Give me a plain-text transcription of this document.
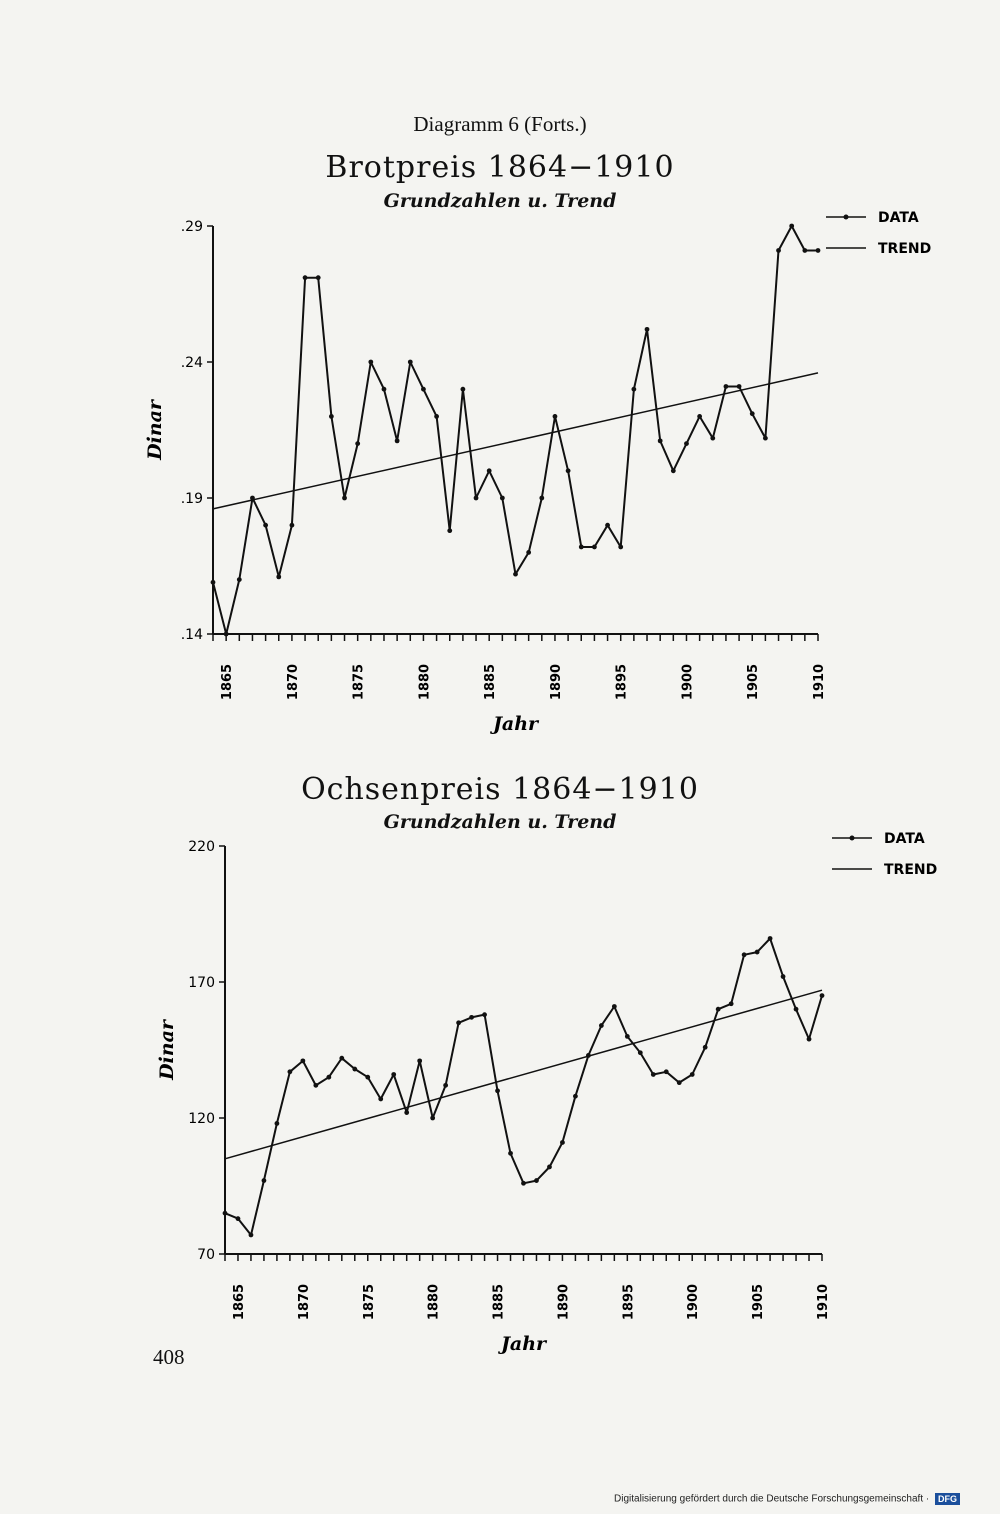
Diagramm 6 (Forts.)
Brotpreis 1864−1910
Grundzahlen u. Trend
.14
.19
.24
.29
1865	1870	1875	1880	1885	1890	1895	1900	1905	1910
Dinar
Jahr
DATA
TREND
Ochsenpreis 1864−1910
Grundzahlen u. Trend
70
120
170
220
1865	1870	1875	1880	1885	1890	1895	1900	1905	1910
Dinar
Jahr
DATA
TREND
408
Digitalisierung gefördert durch die Deutsche Forschungsgemeinschaft · DFG
